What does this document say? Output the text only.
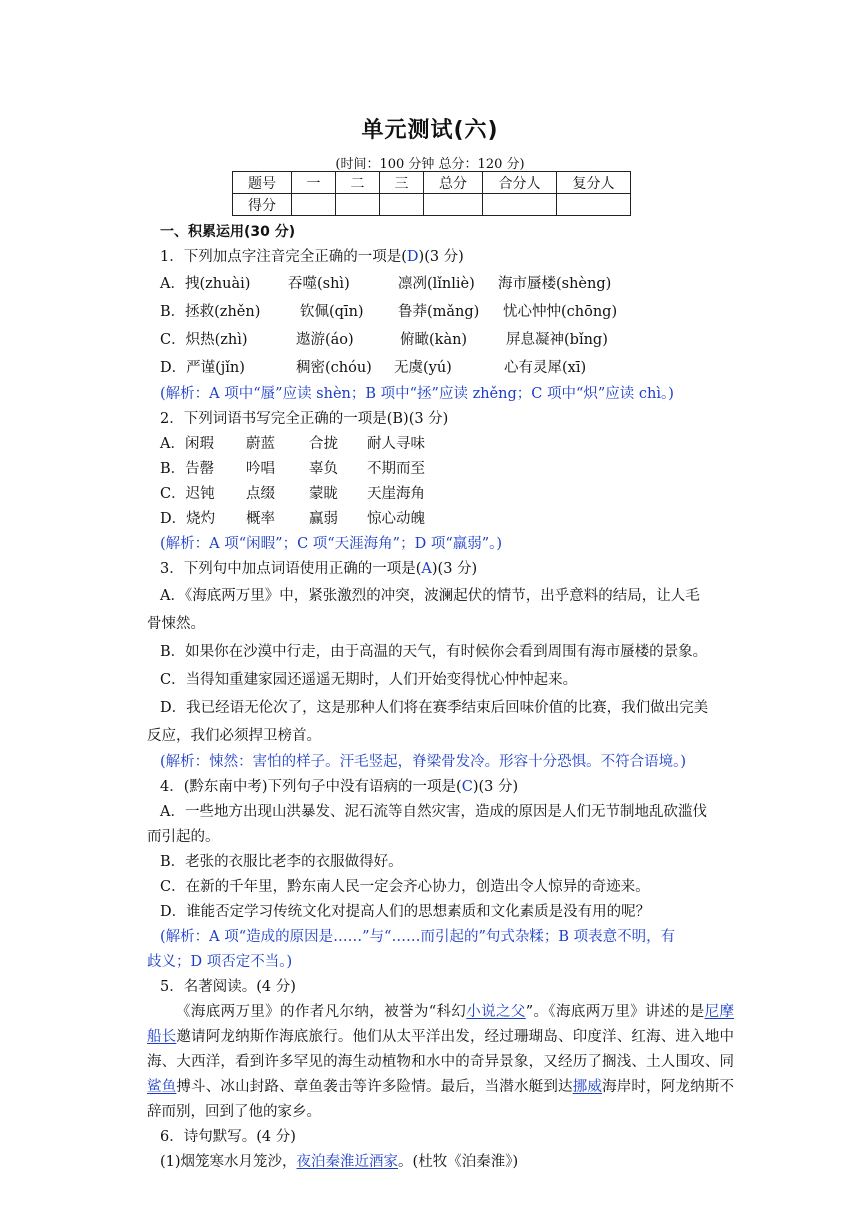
单元测试(六)
(时间：100 分钟 总分：120 分)
题号	一	二	三	总分	合分人	复分人
得分						
一、积累运用(30 分)
1．下列加点字注音完全正确的一项是(D)(3 分)
A．拽(zhuài)	吞噬(shì)	凛冽(lǐnliè) 海市蜃楼(shèng)
B．拯救(zhěn)	钦佩(qīn) 鲁莽(mǎng) 忧心忡忡(chōng)
C．炽热(zhì)	遨游(áo)	俯瞰(kàn)	屏息凝神(bǐng)
D．严谨(jǐn)	稠密(chóu) 无虞(yú)	心有灵犀(xī)
(解析：A 项中“蜃”应读 shèn；B 项中“拯”应读 zhěng；C 项中“炽”应读 chì。)
2．下列词语书写完全正确的一项是(B)(3 分)
A．闲瑕 蔚蓝 合拢 耐人寻味
B．告罄 吟唱 辜负 不期而至
C．迟钝 点缀 蒙眬 天崖海角
D．烧灼 概率 赢弱 惊心动魄
(解析：A 项“闲暇”；C 项“天涯海角”；D 项“羸弱”。)
3．下列句中加点词语使用正确的一项是(A)(3 分)
A．《海底两万里》中，紧张激烈的冲突，波澜起伏的情节，出乎意料的结局，让人毛
骨悚然。
B．如果你在沙漠中行走，由于高温的天气，有时候你会看到周围有海市蜃楼的景象。
C．当得知重建家园还遥遥无期时，人们开始变得忧心忡忡起来。
D．我已经语无伦次了，这是那种人们将在赛季结束后回味价值的比赛，我们做出完美
反应，我们必须捍卫榜首。
(解析：悚然：害怕的样子。汗毛竖起，脊梁骨发冷。形容十分恐惧。不符合语境。)
4．(黔东南中考)下列句子中没有语病的一项是(C)(3 分)
A．一些地方出现山洪暴发、泥石流等自然灾害，造成的原因是人们无节制地乱砍滥伐
而引起的。
B．老张的衣服比老李的衣服做得好。
C．在新的千年里，黔东南人民一定会齐心协力，创造出令人惊异的奇迹来。
D．谁能否定学习传统文化对提高人们的思想素质和文化素质是没有用的呢？
(解析：A 项“造成的原因是……”与“……而引起的”句式杂糅；B 项表意不明，有
歧义；D 项否定不当。)
5．名著阅读。(4 分)
《海底两万里》的作者凡尔纳，被誉为“科幻小说之父”。《海底两万里》讲述的是尼摩船长邀请阿龙纳斯作海底旅行。他们从太平洋出发，经过珊瑚岛、印度洋、红海、进入地中海、大西洋，看到许多罕见的海生动植物和水中的奇异景象，又经历了搁浅、土人围攻、同鲨鱼搏斗、冰山封路、章鱼袭击等许多险情。最后，当潜水艇到达挪威海岸时，阿龙纳斯不辞而别，回到了他的家乡。
6．诗句默写。(4 分)
(1)烟笼寒水月笼沙，夜泊秦淮近酒家。(杜牧《泊秦淮》)
